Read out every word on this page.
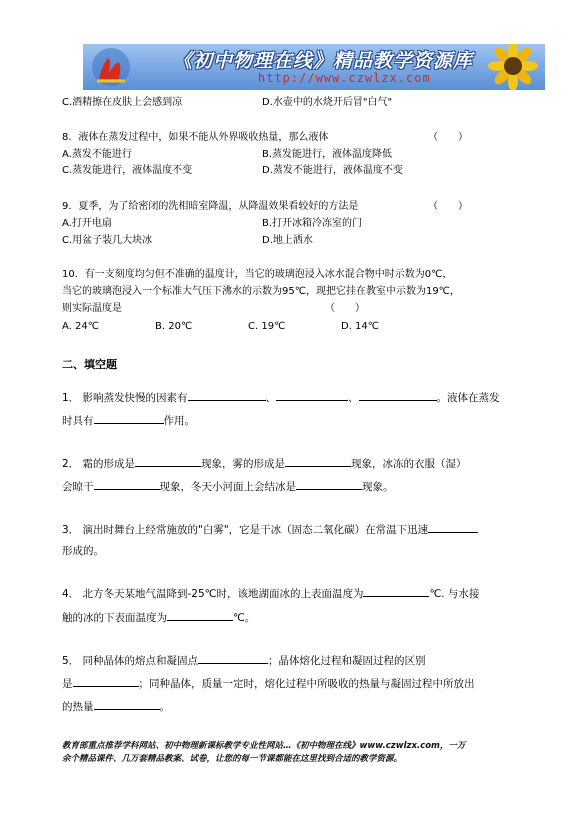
《初中物理在线》精品教学资源库
http://www.czwlzx.com
C.酒精擦在皮肤上会感到凉	D.水壶中的水烧开后冒"白气"
8．液体在蒸发过程中，如果不能从外界吸收热量，那么液体	（　　）
A.蒸发不能进行	B.蒸发能进行，液体温度降低
C.蒸发能进行，液体温度不变	D.蒸发不能进行，液体温度不变
9．夏季，为了给密闭的洗相暗室降温，从降温效果看较好的方法是	（　　）
A.打开电扇	B.打开冰箱冷冻室的门
C.用盆子装几大块冰	D.地上洒水
10．有一支刻度均匀但不准确的温度计，当它的玻璃泡浸入冰水混合物中时示数为0℃，
当它的玻璃泡浸入一个标准大气压下沸水的示数为95℃，现把它挂在教室中示数为19℃，
则实际温度是	（　　）
A. 24℃	B. 20℃	C. 19℃	D. 14℃
二、填空题
1． 影响蒸发快慢的因素有	、	、	。液体在蒸发
时具有	作用。
2． 霜的形成是	现象，雾的形成是	现象，冰冻的衣服（湿）
会晾干	现象，冬天小河面上会结冰是	现象。
3． 演出时舞台上经常施放的"白雾"，它是干冰（固态二氧化碳）在常温下迅速
形成的。
4． 北方冬天某地气温降到-25℃时，该地湖面冰的上表面温度为	℃. 与水接
触的冰的下表面温度为	℃。
5． 同种晶体的熔点和凝固点	；晶体熔化过程和凝固过程的区别
是	；同种晶体，质量一定时，熔化过程中所吸收的热量与凝固过程中所放出
的热量	。
教育部重点推荐学科网站、初中物理新课标教学专业性网站…《初中物理在线》www.czwlzx.com，一万
余个精品课件、几万套精品教案、试卷，让您的每一节课都能在这里找到合适的教学资源。
